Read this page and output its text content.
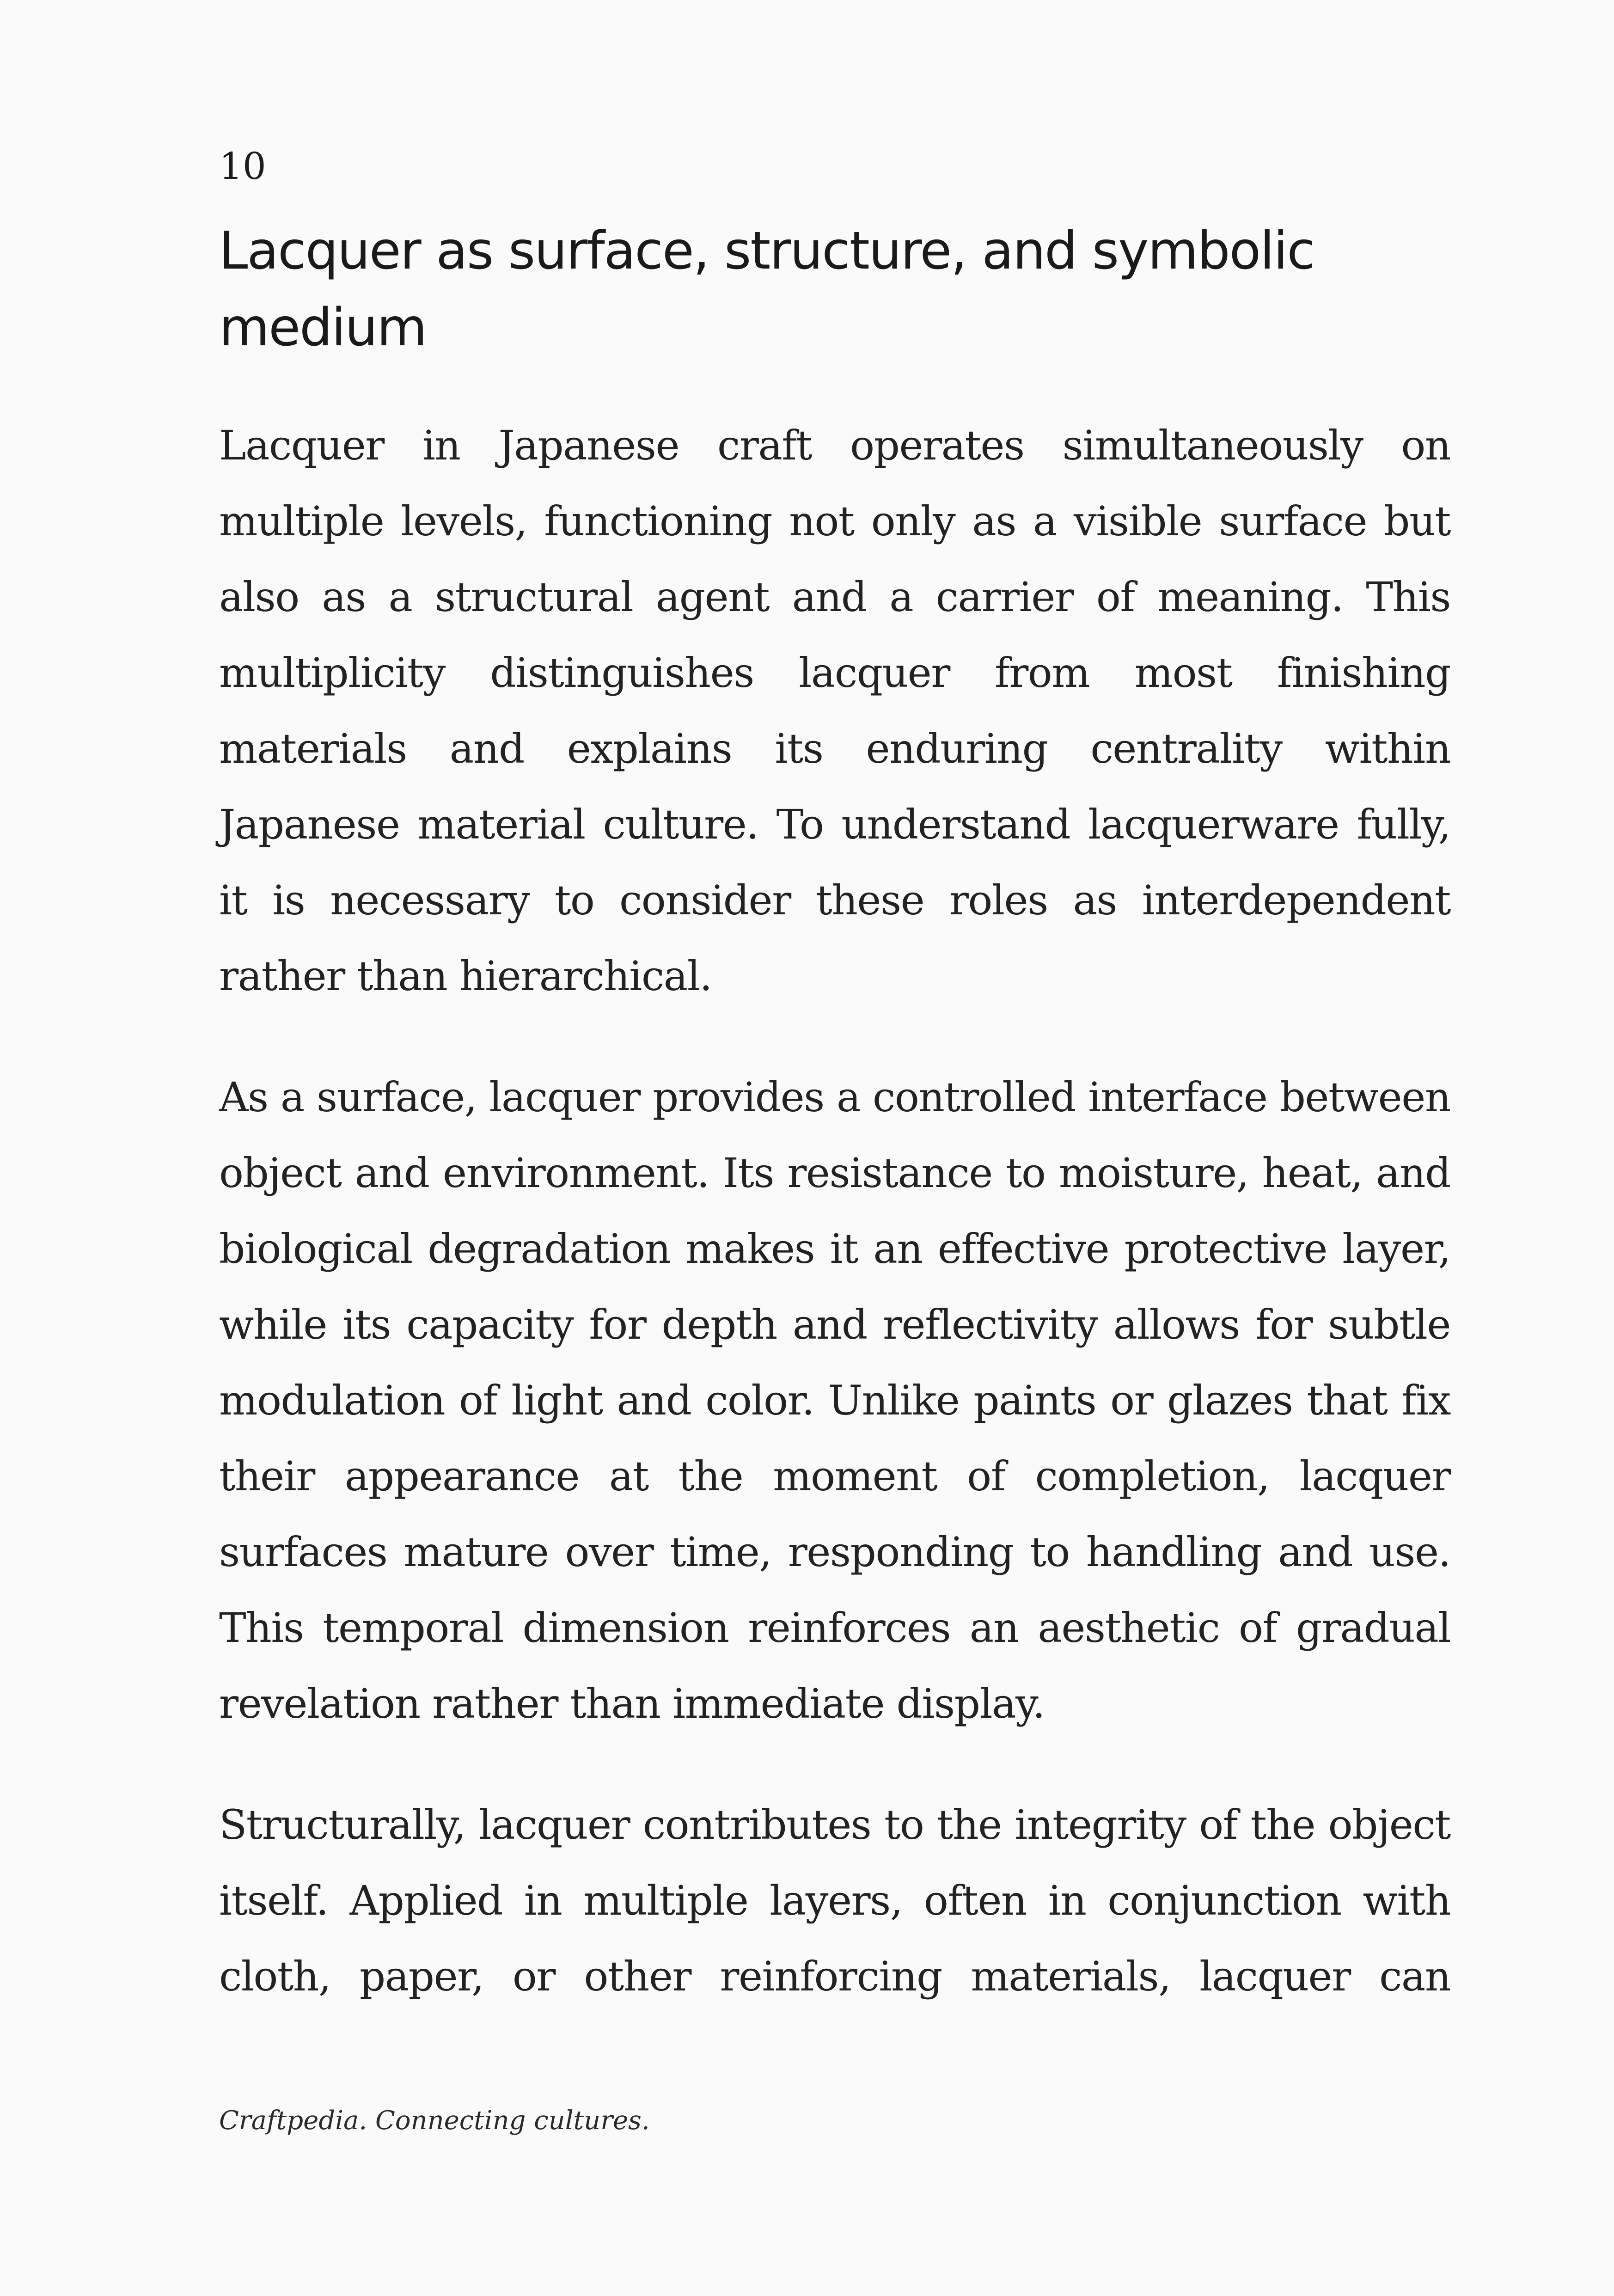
10

Lacquer as surface, structure, and symbolic medium

Lacquer in Japanese craft operates simultaneously on multiple levels, functioning not only as a visible surface but also as a structural agent and a carrier of meaning. This multiplicity distinguishes lacquer from most finishing materials and explains its enduring centrality within Japanese material culture. To understand lacquerware fully, it is necessary to consider these roles as interdependent rather than hierarchical.

As a surface, lacquer provides a controlled interface between object and environment. Its resistance to moisture, heat, and biological degradation makes it an effective protective layer, while its capacity for depth and reflectivity allows for subtle modulation of light and color. Unlike paints or glazes that fix their appearance at the moment of completion, lacquer surfaces mature over time, responding to handling and use. This temporal dimension reinforces an aesthetic of gradual revelation rather than immediate display.

Structurally, lacquer contributes to the integrity of the object itself. Applied in multiple layers, often in conjunction with cloth, paper, or other reinforcing materials, lacquer can

Craftpedia. Connecting cultures.
